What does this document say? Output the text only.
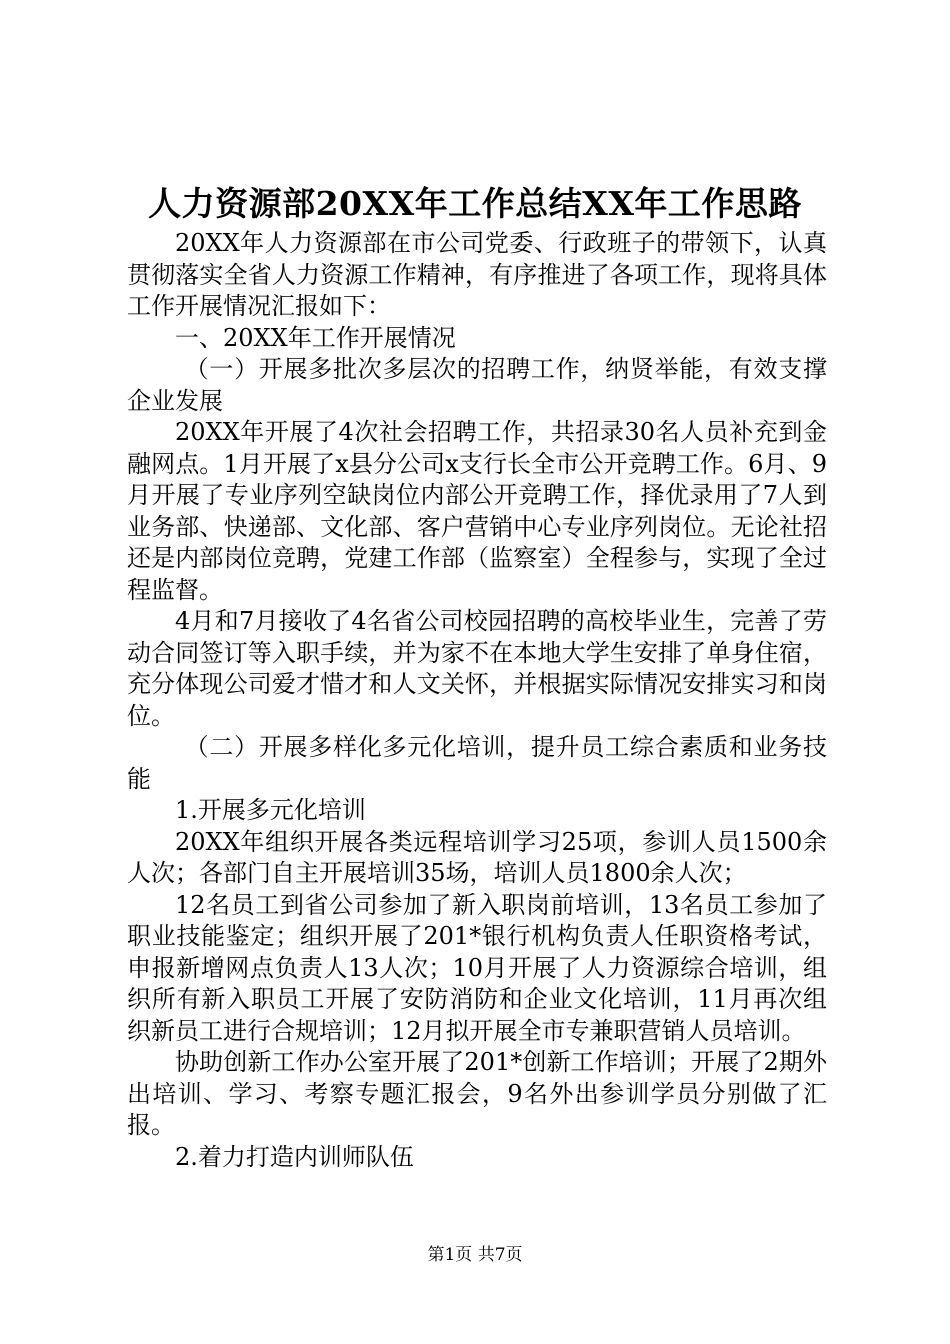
人力资源部20XX年工作总结XX年工作思路

20XX年人力资源部在市公司党委、行政班子的带领下，认真贯彻落实全省人力资源工作精神，有序推进了各项工作，现将具体工作开展情况汇报如下：

一、20XX年工作开展情况

（一）开展多批次多层次的招聘工作，纳贤举能，有效支撑企业发展

20XX年开展了4次社会招聘工作，共招录30名人员补充到金融网点。1月开展了x县分公司x支行长全市公开竞聘工作。6月、9月开展了专业序列空缺岗位内部公开竞聘工作，择优录用了7人到业务部、快递部、文化部、客户营销中心专业序列岗位。无论社招还是内部岗位竞聘，党建工作部（监察室）全程参与，实现了全过程监督。

4月和7月接收了4名省公司校园招聘的高校毕业生，完善了劳动合同签订等入职手续，并为家不在本地大学生安排了单身住宿，充分体现公司爱才惜才和人文关怀，并根据实际情况安排实习和岗位。

（二）开展多样化多元化培训，提升员工综合素质和业务技能

1.开展多元化培训

20XX年组织开展各类远程培训学习25项，参训人员1500余人次；各部门自主开展培训35场，培训人员1800余人次；

12名员工到省公司参加了新入职岗前培训，13名员工参加了职业技能鉴定；组织开展了201*银行机构负责人任职资格考试，申报新增网点负责人13人次；10月开展了人力资源综合培训，组织所有新入职员工开展了安防消防和企业文化培训，11月再次组织新员工进行合规培训；12月拟开展全市专兼职营销人员培训。

协助创新工作办公室开展了201*创新工作培训；开展了2期外出培训、学习、考察专题汇报会，9名外出参训学员分别做了汇报。

2.着力打造内训师队伍

第1页 共7页
